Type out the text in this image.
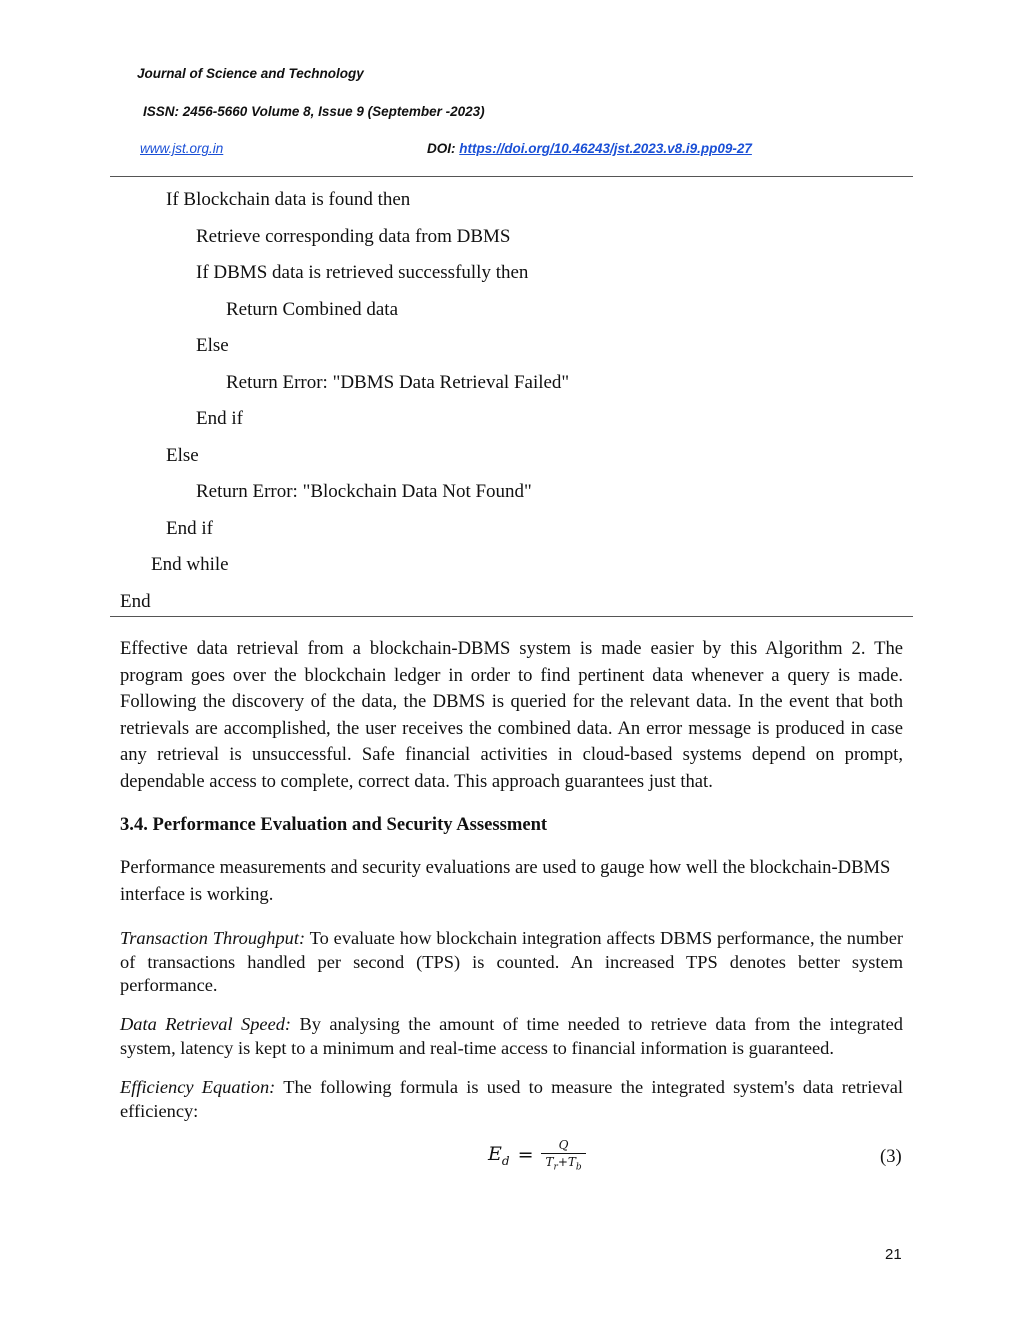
Journal of Science and Technology
ISSN: 2456-5660 Volume 8, Issue 9 (September -2023)
www.jst.org.in	DOI: https://doi.org/10.46243/jst.2023.v8.i9.pp09-27
If Blockchain data is found then
Retrieve corresponding data from DBMS
If DBMS data is retrieved successfully then
Return Combined data
Else
Return Error: "DBMS Data Retrieval Failed"
End if
Else
Return Error: "Blockchain Data Not Found"
End if
End while
End

Effective data retrieval from a blockchain-DBMS system is made easier by this Algorithm 2. The program goes over the blockchain ledger in order to find pertinent data whenever a query is made. Following the discovery of the data, the DBMS is queried for the relevant data. In the event that both retrievals are accomplished, the user receives the combined data. An error message is produced in case any retrieval is unsuccessful. Safe financial activities in cloud-based systems depend on prompt, dependable access to complete, correct data. This approach guarantees just that.

3.4. Performance Evaluation and Security Assessment

Performance measurements and security evaluations are used to gauge how well the blockchain-DBMS interface is working.

Transaction Throughput: To evaluate how blockchain integration affects DBMS performance, the number of transactions handled per second (TPS) is counted. An increased TPS denotes better system performance.

Data Retrieval Speed: By analysing the amount of time needed to retrieve data from the integrated system, latency is kept to a minimum and real-time access to financial information is guaranteed.

Efficiency Equation: The following formula is used to measure the integrated system's data retrieval efficiency:

$E_d = \frac{Q}{T_r+T_b}$	(3)
21
